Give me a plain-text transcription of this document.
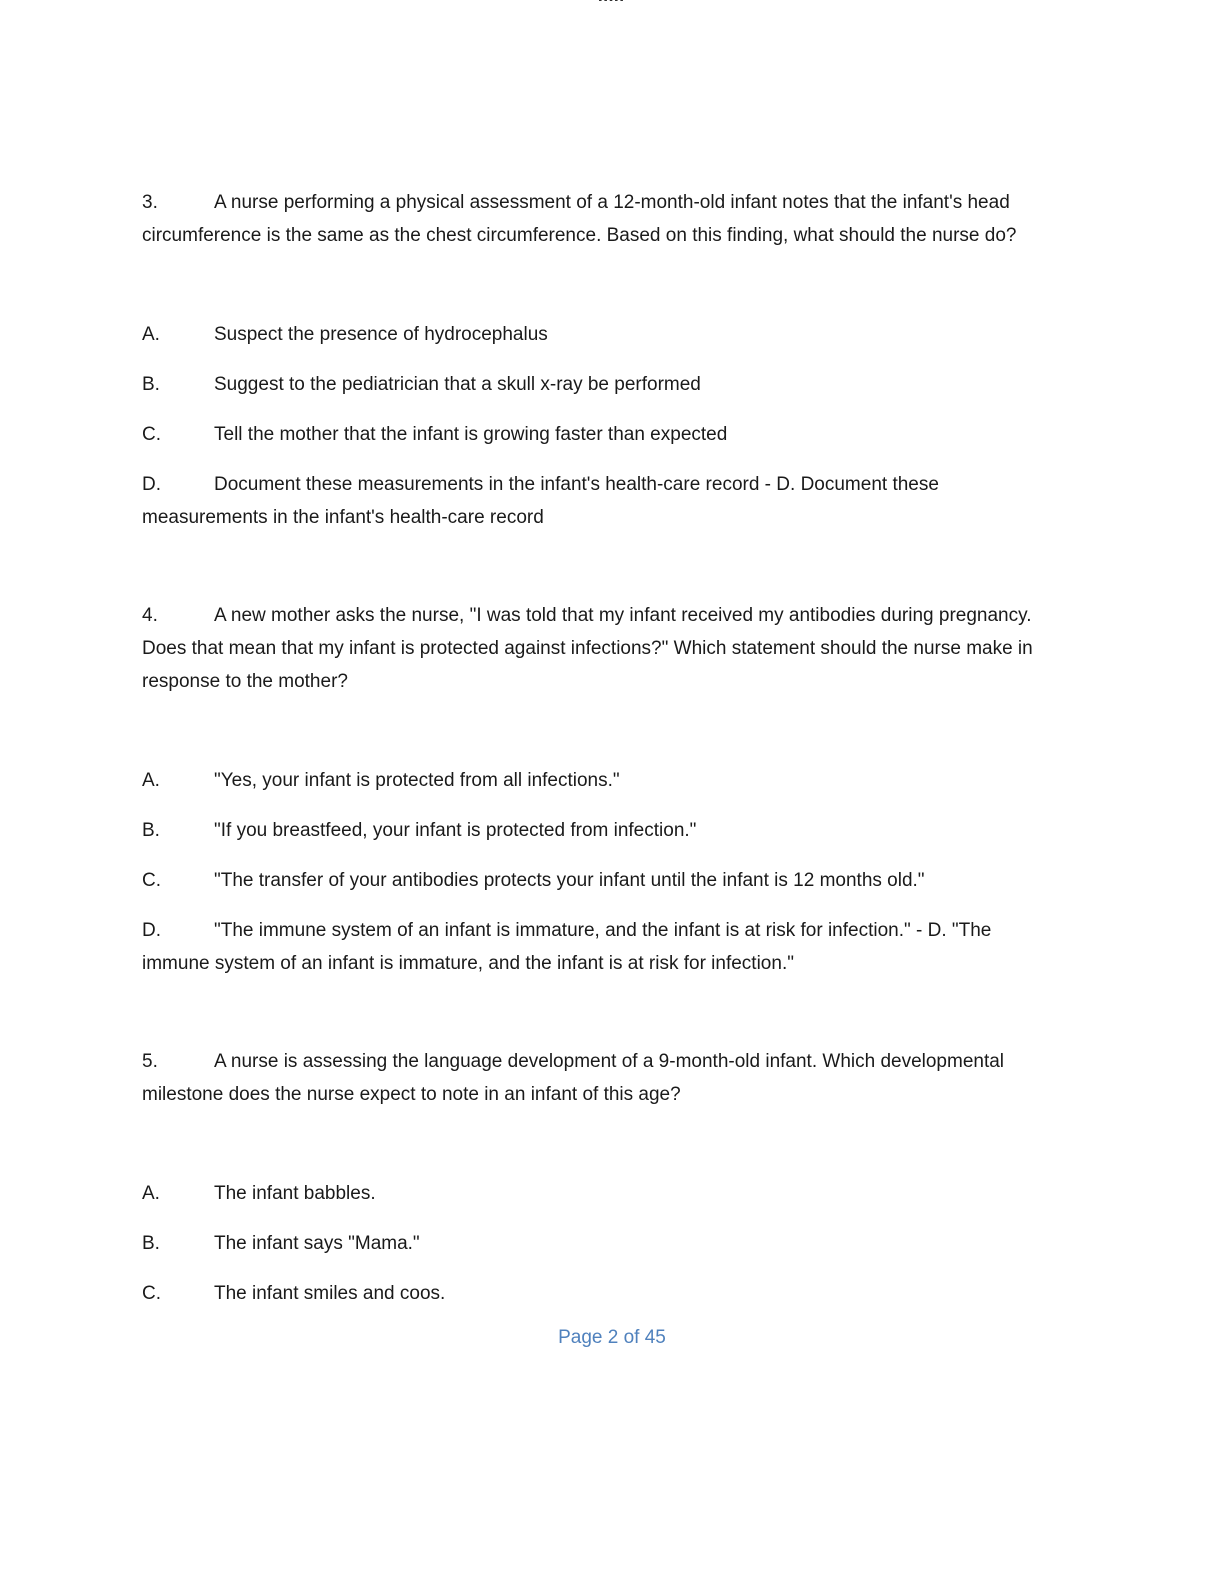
-----

3.	A nurse performing a physical assessment of a 12-month-old infant notes that the infant's head circumference is the same as the chest circumference. Based on this finding, what should the nurse do?

A.	Suspect the presence of hydrocephalus

B.	Suggest to the pediatrician that a skull x-ray be performed

C.	Tell the mother that the infant is growing faster than expected

D.	Document these measurements in the infant's health-care record - D. Document these measurements in the infant's health-care record

4.	A new mother asks the nurse, "I was told that my infant received my antibodies during pregnancy. Does that mean that my infant is protected against infections?" Which statement should the nurse make in response to the mother?

A.	"Yes, your infant is protected from all infections."

B.	"If you breastfeed, your infant is protected from infection."

C.	"The transfer of your antibodies protects your infant until the infant is 12 months old."

D.	"The immune system of an infant is immature, and the infant is at risk for infection." - D. "The immune system of an infant is immature, and the infant is at risk for infection."

5.	A nurse is assessing the language development of a 9-month-old infant. Which developmental milestone does the nurse expect to note in an infant of this age?

A.	The infant babbles.

B.	The infant says "Mama."

C.	The infant smiles and coos.

Page 2 of 45
